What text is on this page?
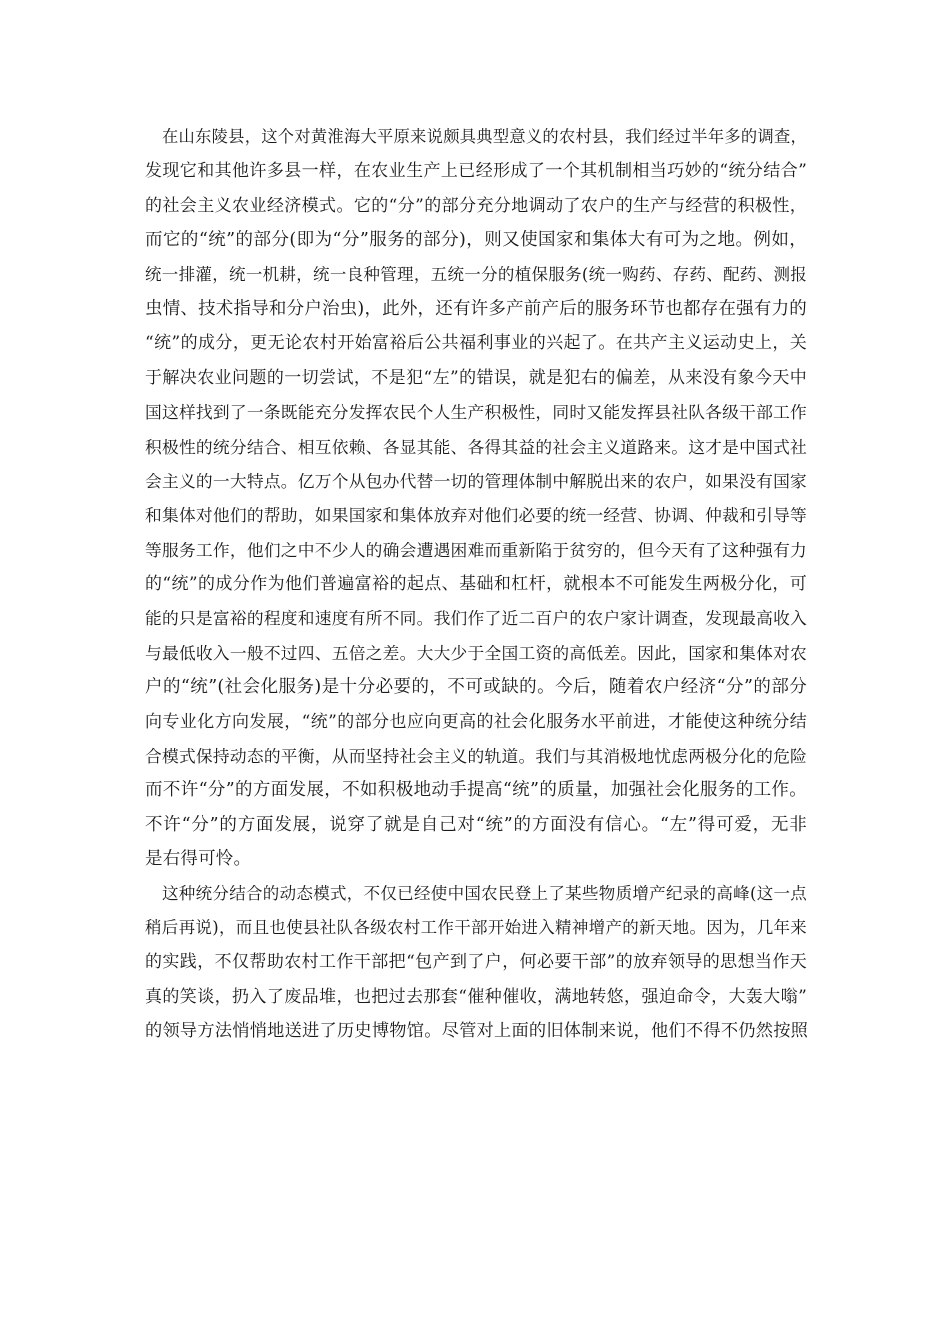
在山东陵县，这个对黄淮海大平原来说颇具典型意义的农村县，我们经过半年多的调查，
发现它和其他许多县一样，在农业生产上已经形成了一个其机制相当巧妙的“统分结合”
的社会主义农业经济模式。它的“分”的部分充分地调动了农户的生产与经营的积极性，
而它的“统”的部分(即为“分”服务的部分)，则又使国家和集体大有可为之地。例如，
统一排灌，统一机耕，统一良种管理，五统一分的植保服务(统一购药、存药、配药、测报
虫情、技术指导和分户治虫)，此外，还有许多产前产后的服务环节也都存在强有力的
“统”的成分，更无论农村开始富裕后公共福利事业的兴起了。在共产主义运动史上，关
于解决农业问题的一切尝试，不是犯“左”的错误，就是犯右的偏差，从来没有象今天中
国这样找到了一条既能充分发挥农民个人生产积极性，同时又能发挥县社队各级干部工作
积极性的统分结合、相互依赖、各显其能、各得其益的社会主义道路来。这才是中国式社
会主义的一大特点。亿万个从包办代替一切的管理体制中解脱出来的农户，如果没有国家
和集体对他们的帮助，如果国家和集体放弃对他们必要的统一经营、协调、仲裁和引导等
等服务工作，他们之中不少人的确会遭遇困难而重新陷于贫穷的，但今天有了这种强有力
的“统”的成分作为他们普遍富裕的起点、基础和杠杆，就根本不可能发生两极分化，可
能的只是富裕的程度和速度有所不同。我们作了近二百户的农户家计调查，发现最高收入
与最低收入一般不过四、五倍之差。大大少于全国工资的高低差。因此，国家和集体对农
户的“统”(社会化服务)是十分必要的，不可或缺的。今后，随着农户经济“分”的部分
向专业化方向发展，“统”的部分也应向更高的社会化服务水平前进，才能使这种统分结
合模式保持动态的平衡，从而坚持社会主义的轨道。我们与其消极地忧虑两极分化的危险
而不许“分”的方面发展，不如积极地动手提高“统”的质量，加强社会化服务的工作。
不许“分”的方面发展，说穿了就是自己对“统”的方面没有信心。“左”得可爱，无非
是右得可怜。
这种统分结合的动态模式，不仅已经使中国农民登上了某些物质增产纪录的高峰(这一点
稍后再说)，而且也使县社队各级农村工作干部开始进入精神增产的新天地。因为，几年来
的实践，不仅帮助农村工作干部把“包产到了户，何必要干部”的放弃领导的思想当作天
真的笑谈，扔入了废品堆，也把过去那套“催种催收，满地转悠，强迫命令，大轰大嗡”
的领导方法悄悄地送进了历史博物馆。尽管对上面的旧体制来说，他们不得不仍然按照
